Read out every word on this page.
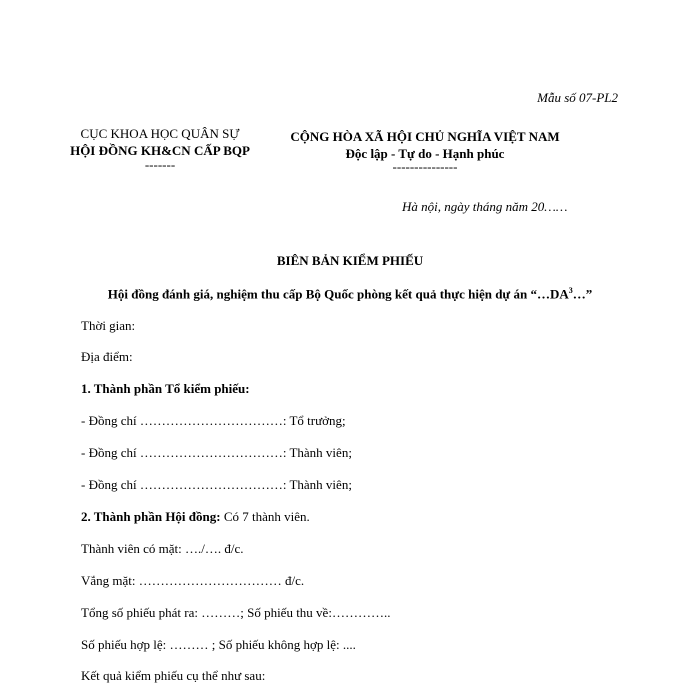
Mẫu số 07-PL2
CỤC KHOA HỌC QUÂN SỰ
HỘI ĐỒNG KH&CN CẤP BQP
-------
CỘNG HÒA XÃ HỘI CHỦ NGHĨA VIỆT NAM
Độc lập - Tự do - Hạnh phúc
---------------
Hà nội, ngày tháng năm 20……
BIÊN BẢN KIỂM PHIẾU
Hội đồng đánh giá, nghiệm thu cấp Bộ Quốc phòng kết quả thực hiện dự án “$\dots DA^3\dots$”
Thời gian:
Địa điểm:
1. Thành phần Tổ kiểm phiếu:
- Đồng chí ……………………………: Tổ trưởng;
- Đồng chí ……………………………: Thành viên;
- Đồng chí ……………………………: Thành viên;
2. Thành phần Hội đồng: Có 7 thành viên.
Thành viên có mặt: …./…. đ/c.
Vắng mặt: …………………………… đ/c.
Tổng số phiếu phát ra: ………; Số phiếu thu về:…………..
Số phiếu hợp lệ: ……… ; Số phiếu không hợp lệ: ....
Kết quả kiểm phiếu cụ thể như sau:
